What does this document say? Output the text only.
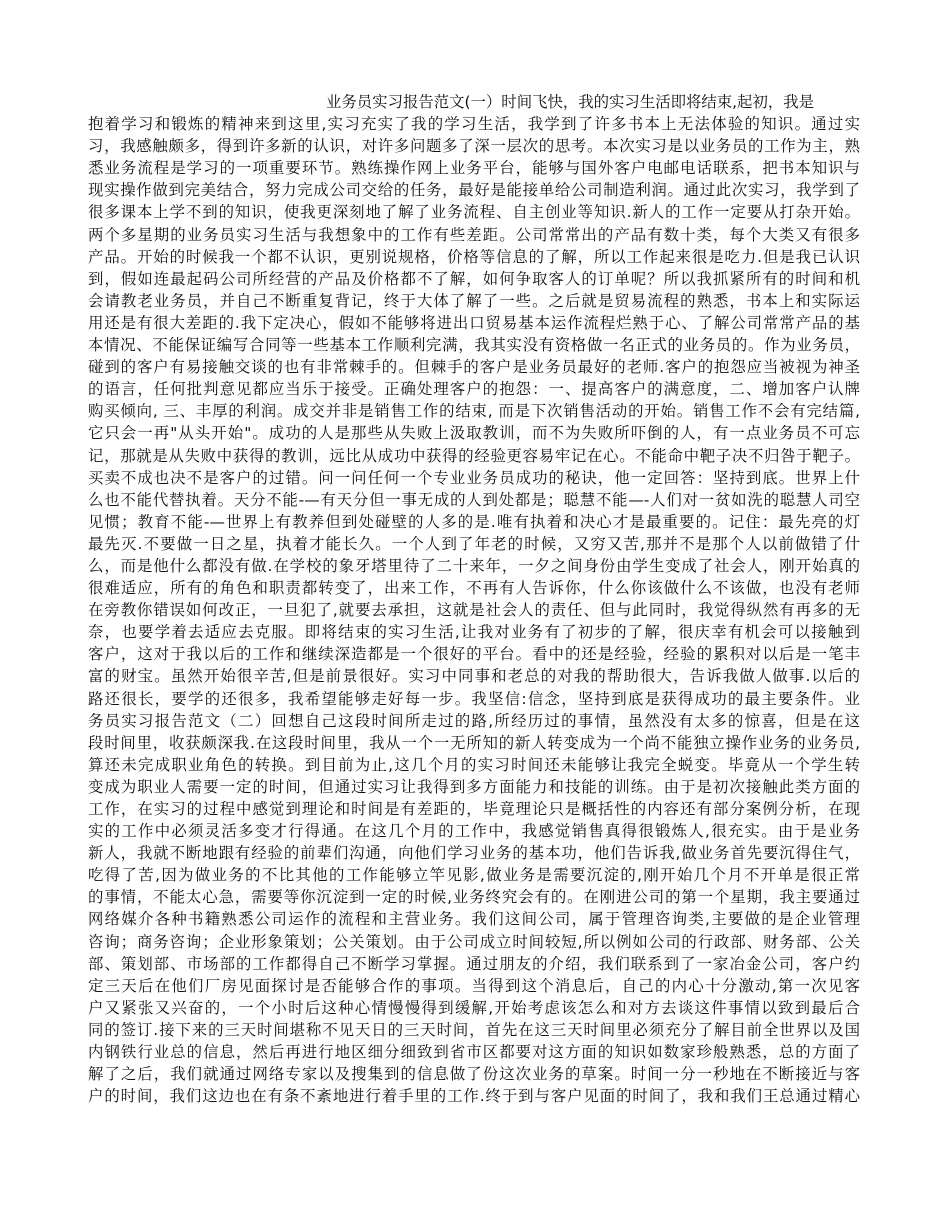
业务员实习报告范文(一）时间飞快，我的实习生活即将结束,起初，我是
抱着学习和锻炼的精神来到这里,实习充实了我的学习生活，我学到了许多书本上无法体验的知识。通过实
习，我感触颇多，得到许多新的认识，对许多问题多了深一层次的思考。本次实习是以业务员的工作为主，熟
悉业务流程是学习的一项重要环节。熟练操作网上业务平台，能够与国外客户电邮电话联系，把书本知识与
现实操作做到完美结合，努力完成公司交给的任务，最好是能接单给公司制造利润。通过此次实习，我学到了
很多课本上学不到的知识，使我更深刻地了解了业务流程、自主创业等知识.新人的工作一定要从打杂开始。
两个多星期的业务员实习生活与我想象中的工作有些差距。公司常常出的产品有数十类，每个大类又有很多
产品。开始的时候我一个都不认识，更别说规格，价格等信息的了解，所以工作起来很是吃力.但是我已认识
到，假如连最起码公司所经营的产品及价格都不了解，如何争取客人的订单呢？所以我抓紧所有的时间和机
会请教老业务员，并自己不断重复背记，终于大体了解了一些。之后就是贸易流程的熟悉，书本上和实际运
用还是有很大差距的.我下定决心，假如不能够将进出口贸易基本运作流程烂熟于心、了解公司常常产品的基
本情况、不能保证编写合同等一些基本工作顺利完满，我其实没有资格做一名正式的业务员的。作为业务员，
碰到的客户有易接触交谈的也有非常棘手的。但棘手的客户是业务员最好的老师.客户的抱怨应当被视为神圣
的语言，任何批判意见都应当乐于接受。正确处理客户的抱怨：一、提高客户的满意度，二、增加客户认牌
购买倾向, 三、丰厚的利润。成交并非是销售工作的结束, 而是下次销售活动的开始。销售工作不会有完结篇,
它只会一再"从头开始"。成功的人是那些从失败上汲取教训，而不为失败所吓倒的人，有一点业务员不可忘
记，那就是从失败中获得的教训，远比从成功中获得的经验更容易牢记在心。不能命中靶子决不归咎于靶子。
买卖不成也决不是客户的过错。问一问任何一个专业业务员成功的秘诀，他一定回答：坚持到底。世界上什
么也不能代替执着。天分不能-—有天分但一事无成的人到处都是；聪慧不能—-人们对一贫如洗的聪慧人司空
见惯；教育不能-—世界上有教养但到处碰壁的人多的是.唯有执着和决心才是最重要的。记住：最先亮的灯
最先灭.不要做一日之星，执着才能长久。一个人到了年老的时候，又穷又苦,那并不是那个人以前做错了什
么，而是他什么都没有做.在学校的象牙塔里待了二十来年，一夕之间身份由学生变成了社会人，刚开始真的
很难适应，所有的角色和职责都转变了，出来工作，不再有人告诉你，什么你该做什么不该做，也没有老师
在旁教你错误如何改正，一旦犯了,就要去承担，这就是社会人的责任、但与此同时，我觉得纵然有再多的无
奈，也要学着去适应去克服。即将结束的实习生活,让我对业务有了初步的了解，很庆幸有机会可以接触到
客户，这对于我以后的工作和继续深造都是一个很好的平台。看中的还是经验，经验的累积对以后是一笔丰
富的财宝。虽然开始很辛苦,但是前景很好。实习中同事和老总的对我的帮助很大，告诉我做人做事.以后的
路还很长，要学的还很多，我希望能够走好每一步。我坚信:信念，坚持到底是获得成功的最主要条件。业
务员实习报告范文（二）回想自己这段时间所走过的路,所经历过的事情，虽然没有太多的惊喜，但是在这
段时间里，收获颇深我.在这段时间里，我从一个一无所知的新人转变成为一个尚不能独立操作业务的业务员,
算还未完成职业角色的转换。到目前为止,这几个月的实习时间还未能够让我完全蜕变。毕竟从一个学生转
变成为职业人需要一定的时间，但通过实习让我得到多方面能力和技能的训练。由于是初次接触此类方面的
工作，在实习的过程中感觉到理论和时间是有差距的，毕竟理论只是概括性的内容还有部分案例分析，在现
实的工作中必须灵活多变才行得通。在这几个月的工作中，我感觉销售真得很锻炼人,很充实。由于是业务
新人，我就不断地跟有经验的前辈们沟通，向他们学习业务的基本功，他们告诉我,做业务首先要沉得住气，
吃得了苦,因为做业务的不比其他的工作能够立竿见影,做业务是需要沉淀的,刚开始几个月不开单是很正常
的事情，不能太心急，需要等你沉淀到一定的时候,业务终究会有的。在刚进公司的第一个星期，我主要通过
网络媒介各种书籍熟悉公司运作的流程和主营业务。我们这间公司，属于管理咨询类,主要做的是企业管理
咨询；商务咨询；企业形象策划；公关策划。由于公司成立时间较短,所以例如公司的行政部、财务部、公关
部、策划部、市场部的工作都得自己不断学习掌握。通过朋友的介绍，我们联系到了一家冶金公司，客户约
定三天后在他们厂房见面探讨是否能够合作的事项。当得到这个消息后，自己的内心十分激动,第一次见客
户又紧张又兴奋的，一个小时后这种心情慢慢得到缓解,开始考虑该怎么和对方去谈这件事情以致到最后合
同的签订.接下来的三天时间堪称不见天日的三天时间，首先在这三天时间里必须充分了解目前全世界以及国
内钢铁行业总的信息，然后再进行地区细分细致到省市区都要对这方面的知识如数家珍般熟悉，总的方面了
解了之后，我们就通过网络专家以及搜集到的信息做了份这次业务的草案。时间一分一秒地在不断接近与客
户的时间，我们这边也在有条不紊地进行着手里的工作.终于到与客户见面的时间了，我和我们王总通过精心
